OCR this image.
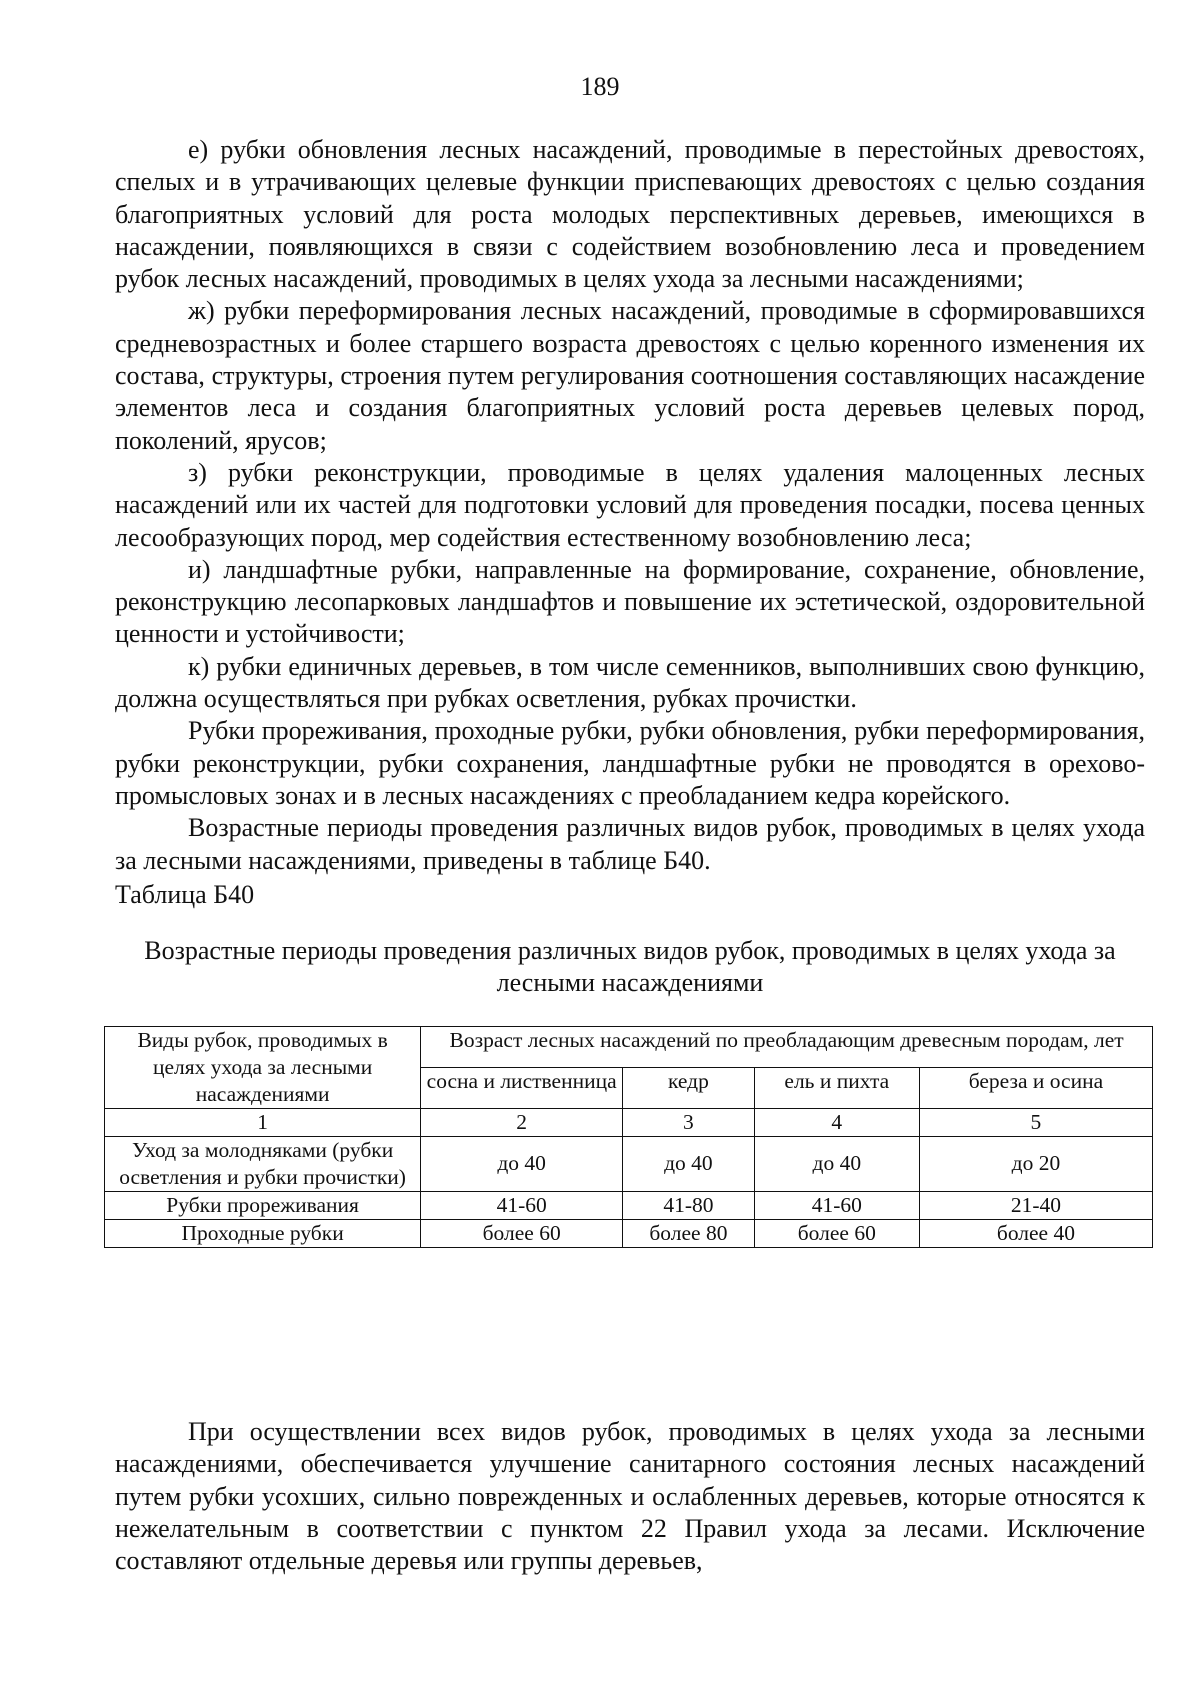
189

е) рубки обновления лесных насаждений, проводимые в перестойных древостоях, спелых и в утрачивающих целевые функции приспевающих древостоях с целью создания благоприятных условий для роста молодых перспективных деревьев, имеющихся в насаждении, появляющихся в связи с содействием возобновлению леса и проведением рубок лесных насаждений, проводимых в целях ухода за лесными насаждениями;

ж) рубки переформирования лесных насаждений, проводимые в сформировавшихся средневозрастных и более старшего возраста древостоях с целью коренного изменения их состава, структуры, строения путем регулирования соотношения составляющих насаждение элементов леса и создания благоприятных условий роста деревьев целевых пород, поколений, ярусов;

з) рубки реконструкции, проводимые в целях удаления малоценных лесных насаждений или их частей для подготовки условий для проведения посадки, посева ценных лесообразующих пород, мер содействия естественному возобновлению леса;

и) ландшафтные рубки, направленные на формирование, сохранение, обновление, реконструкцию лесопарковых ландшафтов и повышение их эстетической, оздоровительной ценности и устойчивости;

к) рубки единичных деревьев, в том числе семенников, выполнивших свою функцию, должна осуществляться при рубках осветления, рубках прочистки.

Рубки прореживания, проходные рубки, рубки обновления, рубки переформирования, рубки реконструкции, рубки сохранения, ландшафтные рубки не проводятся в орехово-промысловых зонах и в лесных насаждениях с преобладанием кедра корейского.

Возрастные периоды проведения различных видов рубок, проводимых в целях ухода за лесными насаждениями, приведены в таблице Б40.

Таблица Б40

Возрастные периоды проведения различных видов рубок, проводимых в целях ухода за лесными насаждениями

Виды рубок, проводимых в целях ухода за лесными насаждениями	Возраст лесных насаждений по преобладающим древесным породам, лет			
	сосна и лиственница	кедр	ель и пихта	береза и осина
1	2	3	4	5
Уход за молодняками (рубки осветления и рубки прочистки)	до 40	до 40	до 40	до 20
Рубки прореживания	41-60	41-80	41-60	21-40
Проходные рубки	более 60	более 80	более 60	более 40

При осуществлении всех видов рубок, проводимых в целях ухода за лесными насаждениями, обеспечивается улучшение санитарного состояния лесных насаждений путем рубки усохших, сильно поврежденных и ослабленных деревьев, которые относятся к нежелательным в соответствии с пунктом 22 Правил ухода за лесами. Исключение составляют отдельные деревья или группы деревьев,
